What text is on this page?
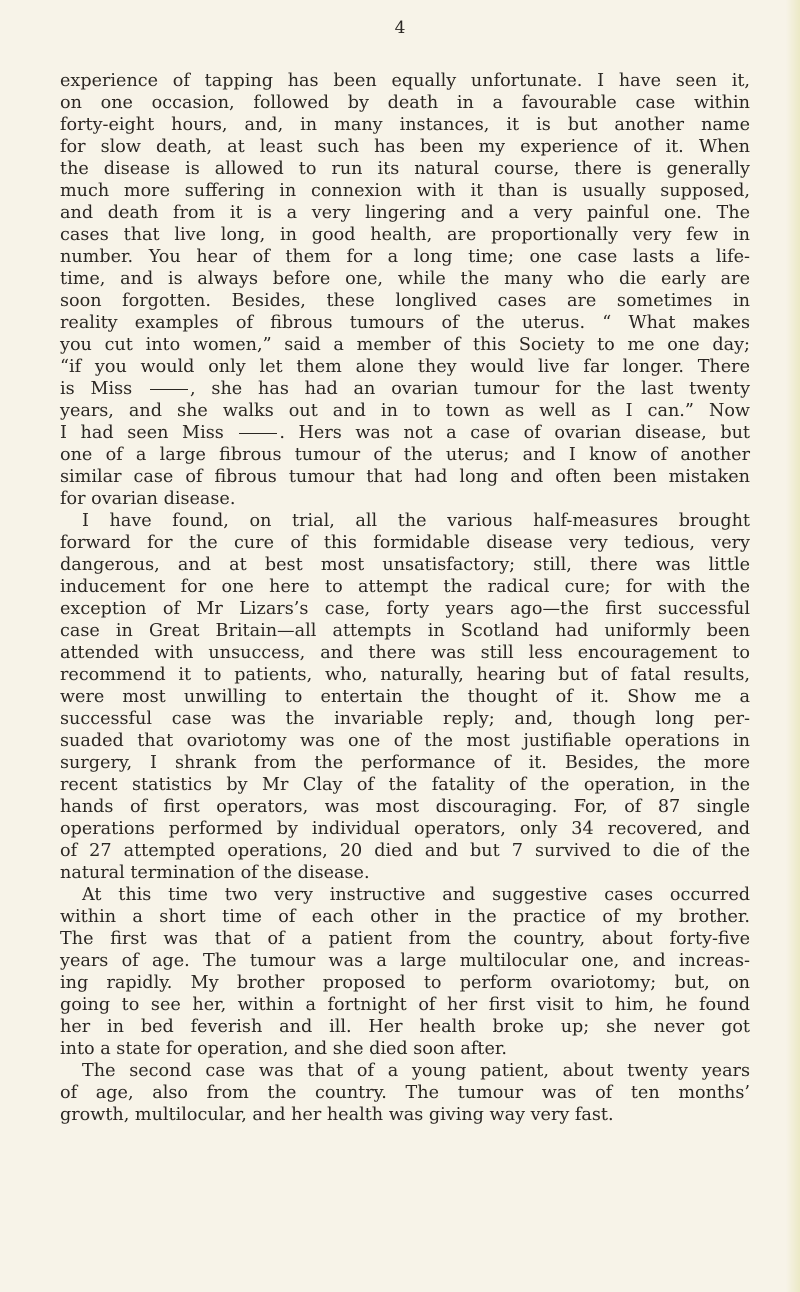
4
experience of tapping has been equally unfortunate. I have seen it,
on one occasion, followed by death in a favourable case within
forty-eight hours, and, in many instances, it is but another name
for slow death, at least such has been my experience of it. When
the disease is allowed to run its natural course, there is generally
much more suffering in connexion with it than is usually supposed,
and death from it is a very lingering and a very painful one. The
cases that live long, in good health, are proportionally very few in
number. You hear of them for a long time; one case lasts a life-
time, and is always before one, while the many who die early are
soon forgotten. Besides, these longlived cases are sometimes in
reality examples of fibrous tumours of the uterus. “ What makes
you cut into women,” said a member of this Society to me one day;
“if you would only let them alone they would live far longer. There
is Miss , she has had an ovarian tumour for the last twenty
years, and she walks out and in to town as well as I can.” Now
I had seen Miss . Hers was not a case of ovarian disease, but
one of a large fibrous tumour of the uterus; and I know of another
similar case of fibrous tumour that had long and often been mistaken
for ovarian disease.
I have found, on trial, all the various half-measures brought
forward for the cure of this formidable disease very tedious, very
dangerous, and at best most unsatisfactory; still, there was little
inducement for one here to attempt the radical cure; for with the
exception of Mr Lizars’s case, forty years ago—the first successful
case in Great Britain—all attempts in Scotland had uniformly been
attended with unsuccess, and there was still less encouragement to
recommend it to patients, who, naturally, hearing but of fatal results,
were most unwilling to entertain the thought of it. Show me a
successful case was the invariable reply; and, though long per-
suaded that ovariotomy was one of the most justifiable operations in
surgery, I shrank from the performance of it. Besides, the more
recent statistics by Mr Clay of the fatality of the operation, in the
hands of first operators, was most discouraging. For, of 87 single
operations performed by individual operators, only 34 recovered, and
of 27 attempted operations, 20 died and but 7 survived to die of the
natural termination of the disease.
At this time two very instructive and suggestive cases occurred
within a short time of each other in the practice of my brother.
The first was that of a patient from the country, about forty-five
years of age. The tumour was a large multilocular one, and increas-
ing rapidly. My brother proposed to perform ovariotomy; but, on
going to see her, within a fortnight of her first visit to him, he found
her in bed feverish and ill. Her health broke up; she never got
into a state for operation, and she died soon after.
The second case was that of a young patient, about twenty years
of age, also from the country. The tumour was of ten months’
growth, multilocular, and her health was giving way very fast.
